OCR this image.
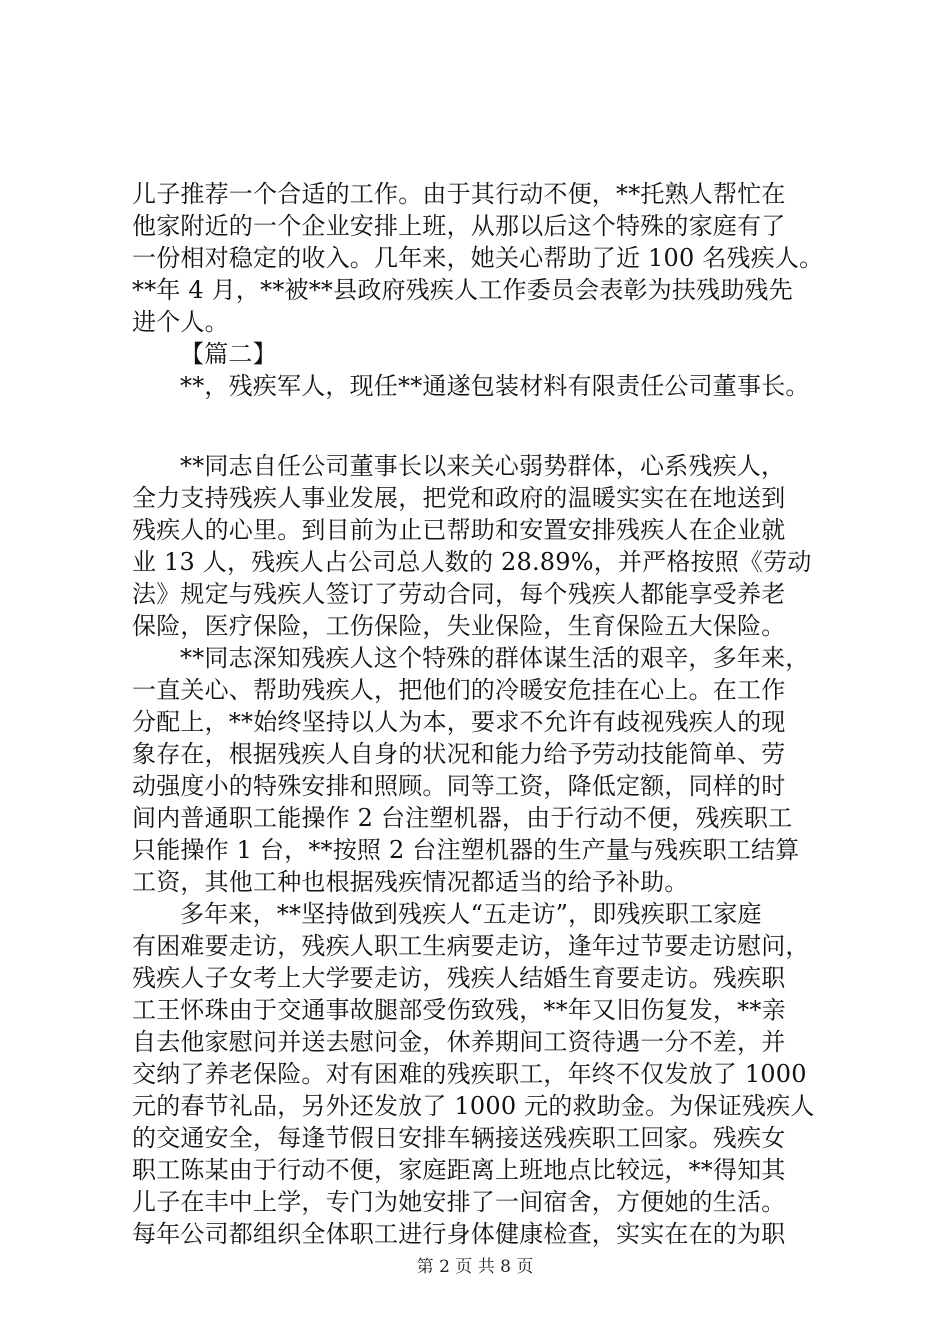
儿子推荐一个合适的工作。由于其行动不便，**托熟人帮忙在
他家附近的一个企业安排上班，从那以后这个特殊的家庭有了
一份相对稳定的收入。几年来，她关心帮助了近 100 名残疾人。
**年 4 月，**被**县政府残疾人工作委员会表彰为扶残助残先
进个人。
【篇二】
**，残疾军人，现任**通遂包装材料有限责任公司董事长。
**同志自任公司董事长以来关心弱势群体，心系残疾人，
全力支持残疾人事业发展，把党和政府的温暖实实在在地送到
残疾人的心里。到目前为止已帮助和安置安排残疾人在企业就
业 13 人，残疾人占公司总人数的 28.89%，并严格按照《劳动
法》规定与残疾人签订了劳动合同，每个残疾人都能享受养老
保险，医疗保险，工伤保险，失业保险，生育保险五大保险。
**同志深知残疾人这个特殊的群体谋生活的艰辛，多年来，
一直关心、帮助残疾人，把他们的冷暖安危挂在心上。在工作
分配上，**始终坚持以人为本，要求不允许有歧视残疾人的现
象存在，根据残疾人自身的状况和能力给予劳动技能简单、劳
动强度小的特殊安排和照顾。同等工资，降低定额，同样的时
间内普通职工能操作 2 台注塑机器，由于行动不便，残疾职工
只能操作 1 台，**按照 2 台注塑机器的生产量与残疾职工结算
工资，其他工种也根据残疾情况都适当的给予补助。
多年来，**坚持做到残疾人“五走访”，即残疾职工家庭
有困难要走访，残疾人职工生病要走访，逢年过节要走访慰问，
残疾人子女考上大学要走访，残疾人结婚生育要走访。残疾职
工王怀珠由于交通事故腿部受伤致残，**年又旧伤复发，**亲
自去他家慰问并送去慰问金，休养期间工资待遇一分不差，并
交纳了养老保险。对有困难的残疾职工，年终不仅发放了 1000
元的春节礼品，另外还发放了 1000 元的救助金。为保证残疾人
的交通安全，每逢节假日安排车辆接送残疾职工回家。残疾女
职工陈某由于行动不便，家庭距离上班地点比较远，**得知其
儿子在丰中上学，专门为她安排了一间宿舍，方便她的生活。
每年公司都组织全体职工进行身体健康检查，实实在在的为职
第 2 页 共 8 页
